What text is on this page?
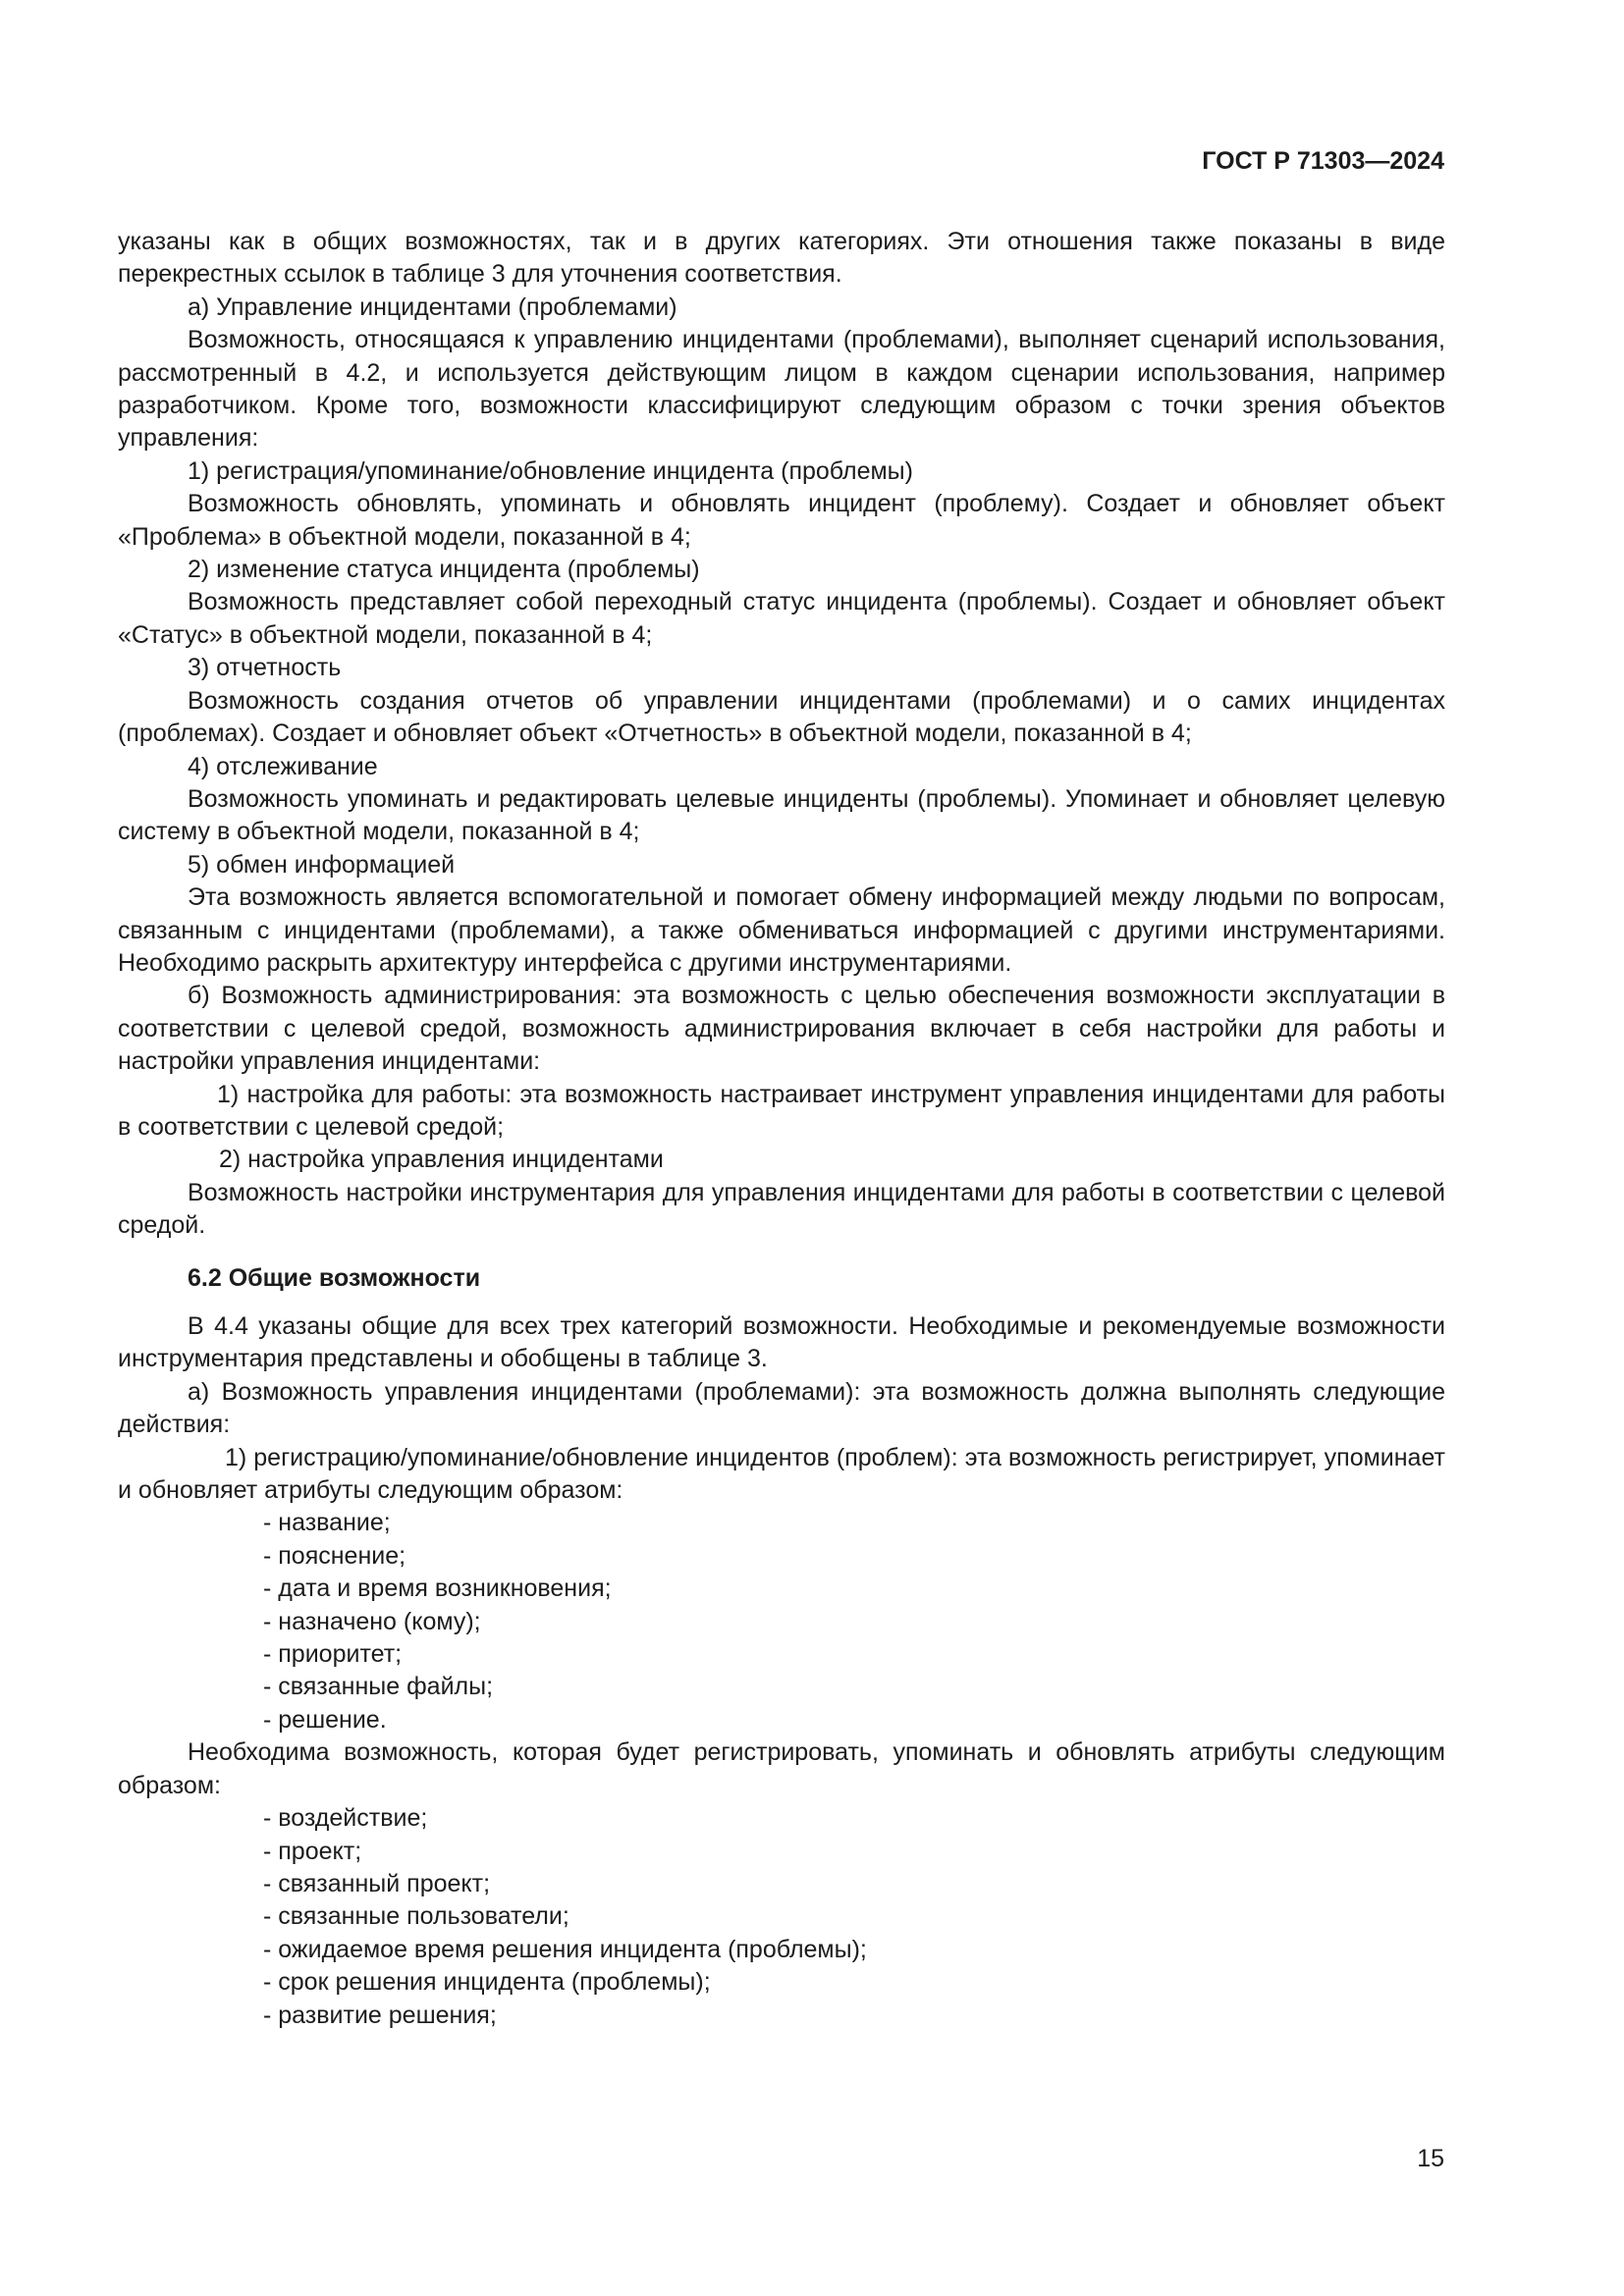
ГОСТ Р 71303—2024

указаны как в общих возможностях, так и в других категориях. Эти отношения также показаны в виде перекрестных ссылок в таблице 3 для уточнения соответствия.

а) Управление инцидентами (проблемами)

Возможность, относящаяся к управлению инцидентами (проблемами), выполняет сценарий использования, рассмотренный в 4.2, и используется действующим лицом в каждом сценарии использования, например разработчиком. Кроме того, возможности классифицируют следующим образом с точки зрения объектов управления:

1) регистрация/упоминание/обновление инцидента (проблемы)

Возможность обновлять, упоминать и обновлять инцидент (проблему). Создает и обновляет объект «Проблема» в объектной модели, показанной в 4;

2) изменение статуса инцидента (проблемы)

Возможность представляет собой переходный статус инцидента (проблемы). Создает и обновляет объект «Статус» в объектной модели, показанной в 4;

3) отчетность

Возможность создания отчетов об управлении инцидентами (проблемами) и о самих инцидентах (проблемах). Создает и обновляет объект «Отчетность» в объектной модели, показанной в 4;

4) отслеживание

Возможность упоминать и редактировать целевые инциденты (проблемы). Упоминает и обновляет целевую систему в объектной модели, показанной в 4;

5) обмен информацией

Эта возможность является вспомогательной и помогает обмену информацией между людьми по вопросам, связанным с инцидентами (проблемами), а также обмениваться информацией с другими инструментариями. Необходимо раскрыть архитектуру интерфейса с другими инструментариями.

б) Возможность администрирования: эта возможность с целью обеспечения возможности эксплуатации в соответствии с целевой средой, возможность администрирования включает в себя настройки для работы и настройки управления инцидентами:

1) настройка для работы: эта возможность настраивает инструмент управления инцидентами для работы в соответствии с целевой средой;

2) настройка управления инцидентами

Возможность настройки инструментария для управления инцидентами для работы в соответствии с целевой средой.

6.2 Общие возможности

В 4.4 указаны общие для всех трех категорий возможности. Необходимые и рекомендуемые возможности инструментария представлены и обобщены в таблице 3.

а) Возможность управления инцидентами (проблемами): эта возможность должна выполнять следующие действия:

1) регистрацию/упоминание/обновление инцидентов (проблем): эта возможность регистрирует, упоминает и обновляет атрибуты следующим образом:

- название;
- пояснение;
- дата и время возникновения;
- назначено (кому);
- приоритет;
- связанные файлы;
- решение.

Необходима возможность, которая будет регистрировать, упоминать и обновлять атрибуты следующим образом:

- воздействие;
- проект;
- связанный проект;
- связанные пользователи;
- ожидаемое время решения инцидента (проблемы);
- срок решения инцидента (проблемы);
- развитие решения;

15
